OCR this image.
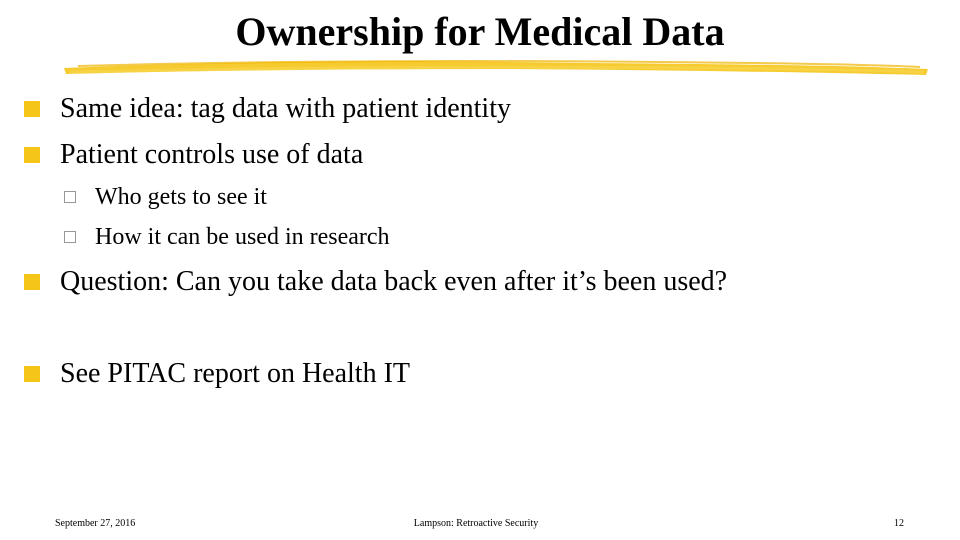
Ownership for Medical Data
Same idea: tag data with patient identity
Patient controls use of data
Who gets to see it
How it can be used in research
Question: Can you take data back even after it’s been used?
See PITAC report on Health IT
September 27, 2016	Lampson: Retroactive Security	12
